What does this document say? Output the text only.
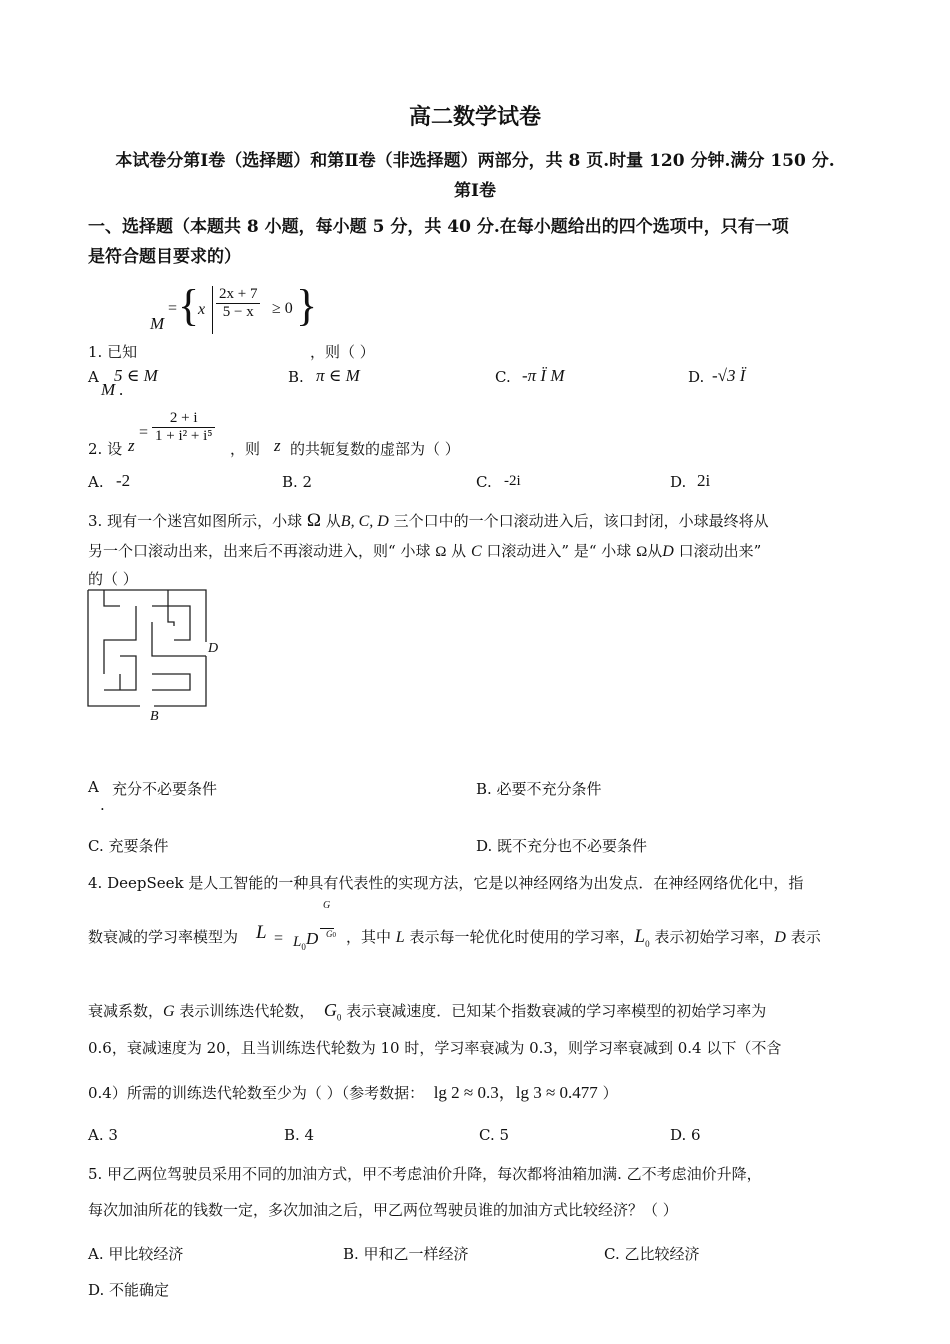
高二数学试卷
本试卷分第Ⅰ卷（选择题）和第Ⅱ卷（非选择题）两部分，共 8 页.时量 120 分钟.满分 150 分.
第Ⅰ卷
一、选择题（本题共 8 小题，每小题 5 分，共 40 分.在每小题给出的四个选项中，只有一项
是符合题目要求的）
M
= {
x $\frac{2x + 7}{5 - x} \ge 0$ }
1. 已知	，则（ ）
A 5 ∈ M
M .
B. π ∈ M	C. -π Ï M	D. -√3 Ï
2. 设 z
= $\frac{2 + i}{\text{1 + i² + i⁵}}$
，则 z 的共轭复数的虚部为（ ）
A. -2	B. 2	C. -2i	D. 2i
3. 现有一个迷宫如图所示，小球 Ω 从B, C, D 三个口中的一个口滚动进入后，该口封闭，小球最终将从
另一个口滚动出来，出来后不再滚动进入，则“ 小球 Ω 从 C 口滚动进入” 是“ 小球 Ω从D 口滚动出来”
的（ ）
D
B
A 充分不必要条件
.
B. 必要不充分条件
C. 充要条件	D. 既不充分也不必要条件
4. DeepSeek 是人工智能的一种具有代表性的实现方法，它是以神经网络为出发点．在神经网络优化中，指
数衰减的学习率模型为 $L = L_0$ D
G
G0 ，其中 L 表示每一轮优化时使用的学习率，$L_0$ 表示初始学习率，D 表示
衰减系数，G 表示训练迭代轮数， $G_0$ 表示衰减速度．已知某个指数衰减的学习率模型的初始学习率为
0.6，衰减速度为 20，且当训练迭代轮数为 10 时，学习率衰减为 0.3，则学习率衰减到 0.4 以下（不含
0.4）所需的训练迭代轮数至少为（ ）（参考数据： lg 2 ≈ 0.3，lg 3 ≈ 0.477 ）
A. 3	B. 4	C. 5	D. 6
5. 甲乙两位驾驶员采用不同的加油方式，甲不考虑油价升降，每次都将油箱加满. 乙不考虑油价升降，
每次加油所花的钱数一定，多次加油之后，甲乙两位驾驶员谁的加油方式比较经济？（ ）
A. 甲比较经济	B. 甲和乙一样经济	C. 乙比较经济
D. 不能确定
